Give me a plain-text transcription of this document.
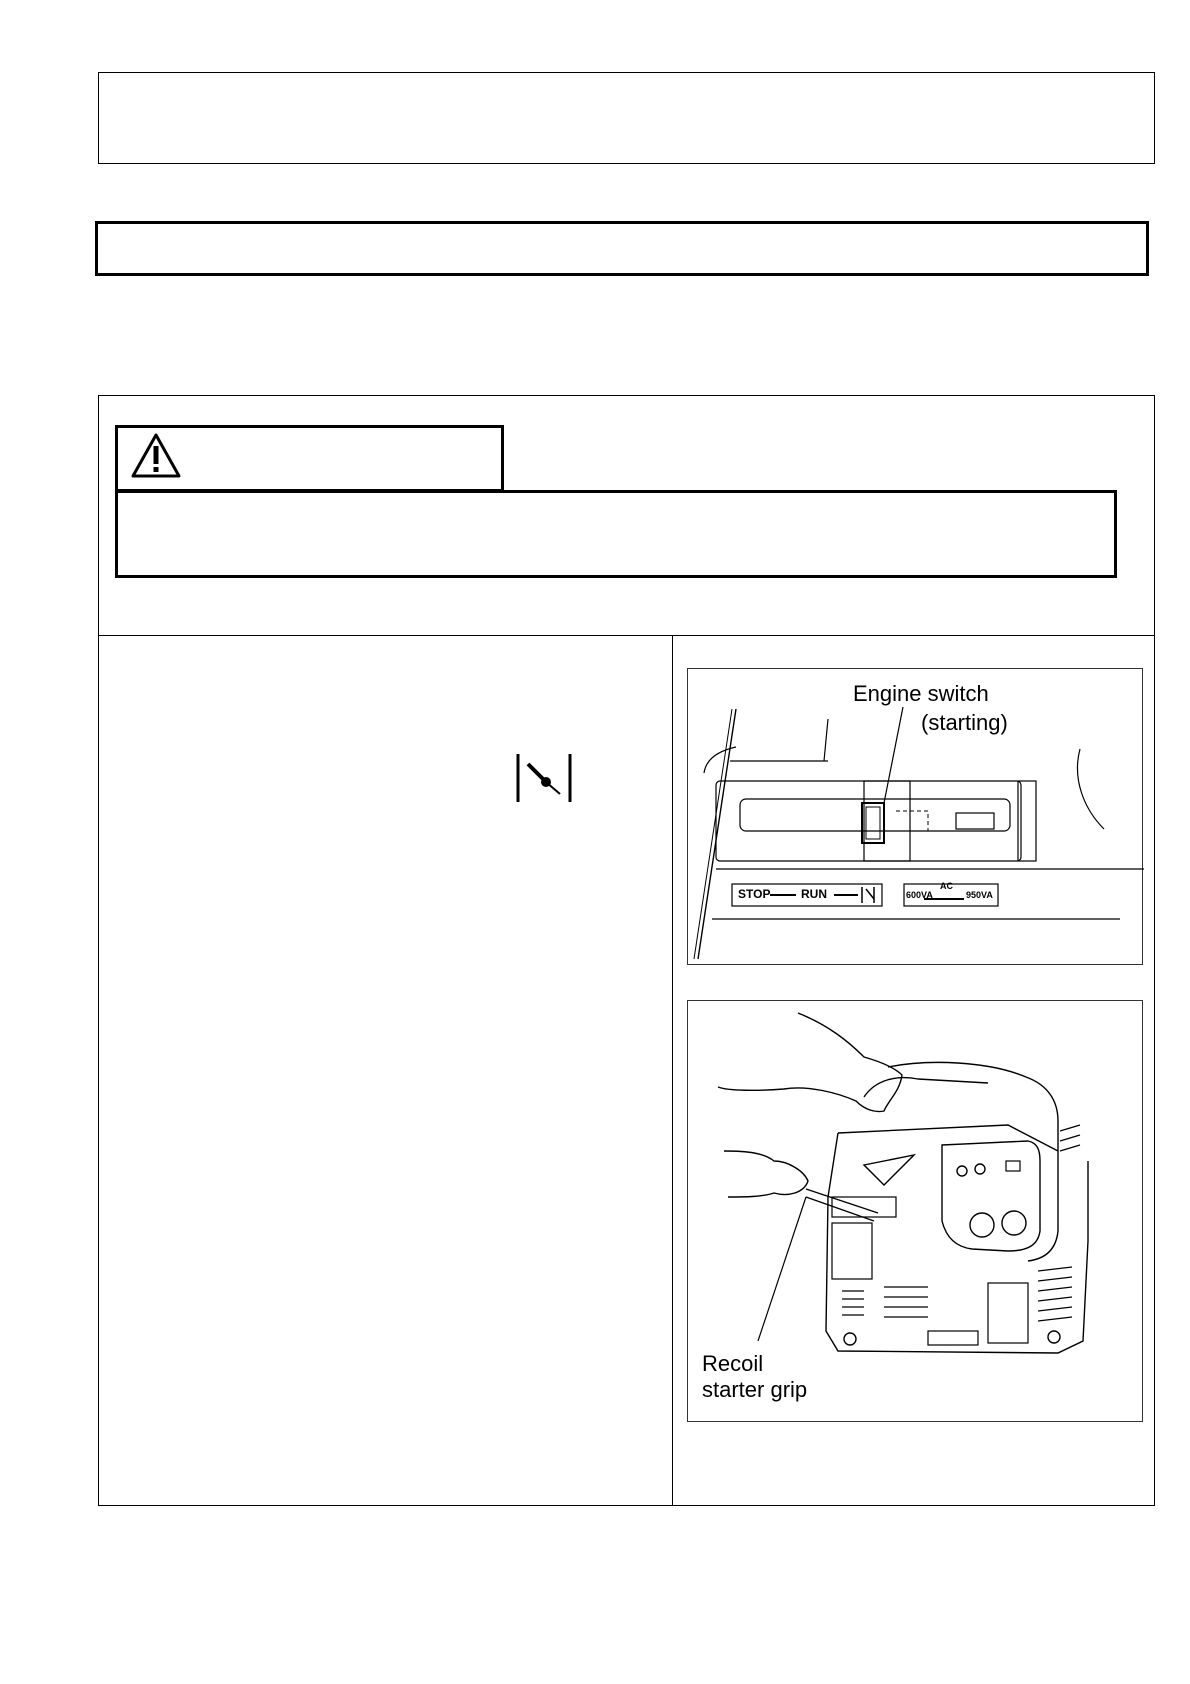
Engine switch
(starting)
STOP	RUN
AC
600VA	950VA
Recoil
starter grip
